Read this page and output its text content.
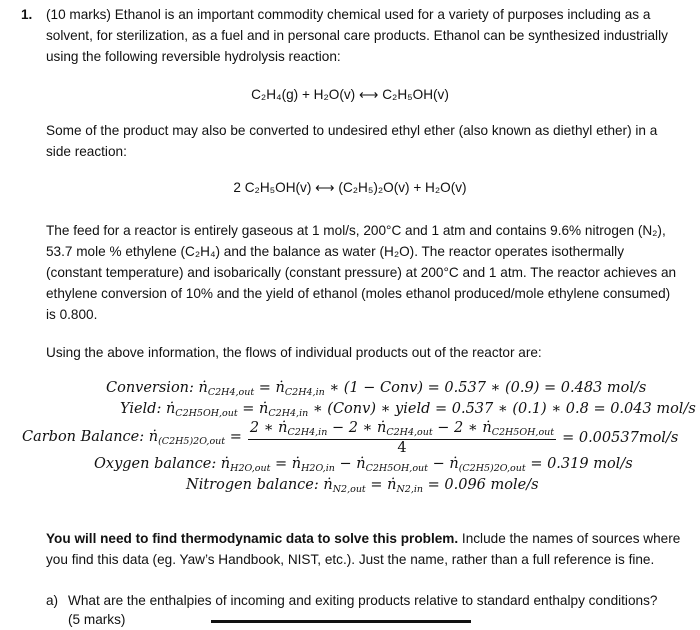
1. (10 marks) Ethanol is an important commodity chemical used for a variety of purposes including as a
solvent, for sterilization, as a fuel and in personal care products. Ethanol can be synthesized industrially
using the following reversible hydrolysis reaction:
C₂H₄(g) + H₂O(v) ⟷ C₂H₅OH(v)
Some of the product may also be converted to undesired ethyl ether (also known as diethyl ether) in a
side reaction:
2 C₂H₅OH(v) ⟷ (C₂H₅)₂O(v) + H₂O(v)
The feed for a reactor is entirely gaseous at 1 mol/s, 200°C and 1 atm and contains 9.6% nitrogen (N₂),
53.7 mole % ethylene (C₂H₄) and the balance as water (H₂O). The reactor operates isothermally
(constant temperature) and isobarically (constant pressure) at 200°C and 1 atm. The reactor achieves an
ethylene conversion of 10% and the yield of ethanol (moles ethanol produced/mole ethylene consumed)
is 0.800.
Using the above information, the flows of individual products out of the reactor are:
Conversion: ṅ$_{C2H4,out}$ = ṅ$_{C2H4,in}$ ∗ (1 − Conv) = 0.537 ∗ (0.9) = 0.483 mol/s
Yield: ṅ$_{C2H5OH,out}$ = ṅ$_{C2H4,in}$ ∗ (Conv) ∗ yield = 0.537 ∗ (0.1) ∗ 0.8 = 0.043 mol/s
Carbon Balance: ṅ$_{(C2H5)2O,out}$ = $\frac{2 ∗ ṅ_{C2H4,in} - 2 ∗ ṅ_{C2H4,out} - 2 ∗ ṅ_{C2H5OH,out}}{4} = 0.00537mol/s$
Oxygen balance: ṅ$_{H2O,out}$ = ṅ$_{H2O,in}$ − ṅ$_{C2H5OH,out}$ − ṅ$_{(C2H5)2O,out}$ = 0.319 mol/s
Nitrogen balance: ṅ$_{N2,out}$ = ṅ$_{N2,in}$ = 0.096 mole/s
You will need to find thermodynamic data to solve this problem. Include the names of sources where
you find this data (eg. Yaw’s Handbook, NIST, etc.). Just the name, rather than a full reference is fine.
a) What are the enthalpies of incoming and exiting products relative to standard enthalpy conditions?
(5 marks)
